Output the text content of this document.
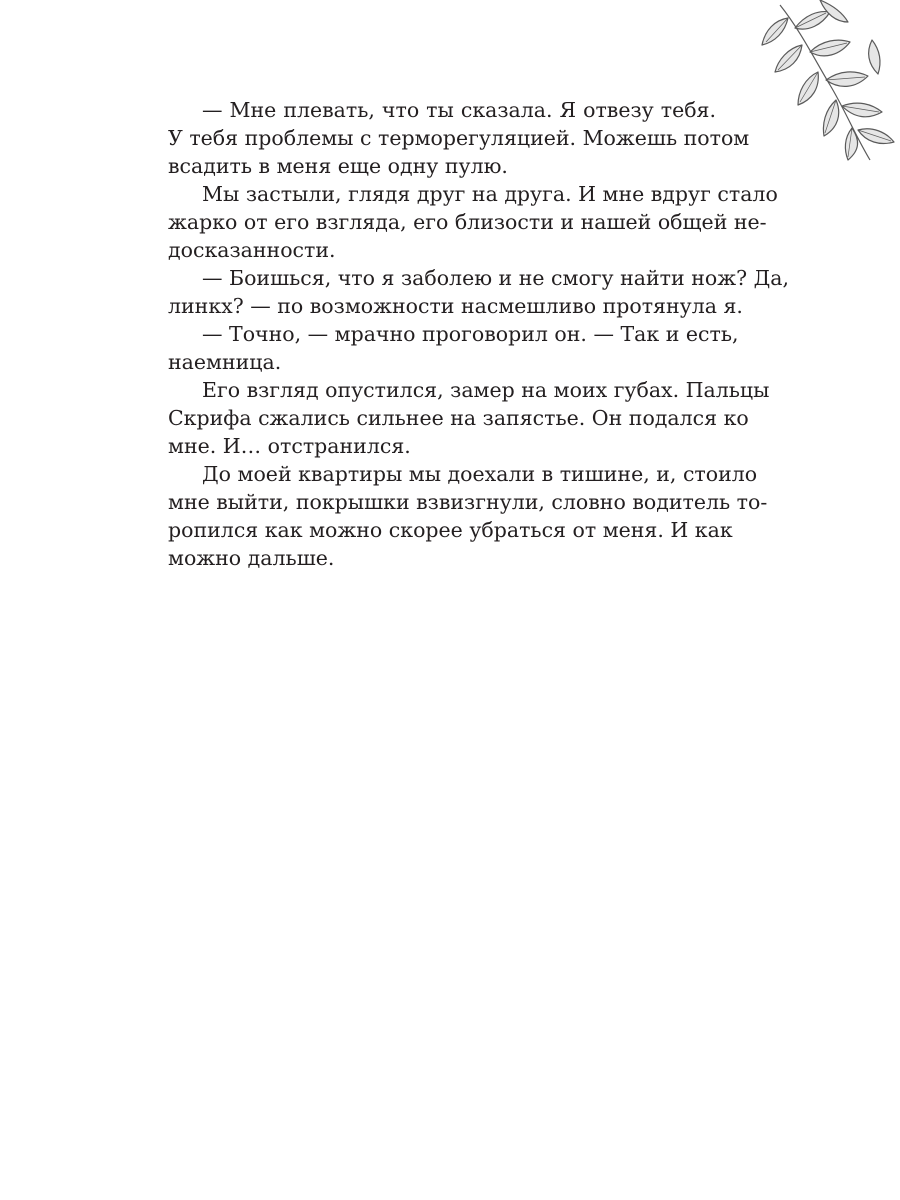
— Мне плевать, что ты сказала. Я отвезу тебя.
У тебя проблемы с терморегуляцией. Можешь потом
всадить в меня еще одну пулю.

Мы застыли, глядя друг на друга. И мне вдруг стало
жарко от его взгляда, его близости и нашей общей не-
досказанности.

— Боишься, что я заболею и не смогу найти нож? Да,
линкх? — по возможности насмешливо протянула я.

— Точно, — мрачно проговорил он. — Так и есть,
наемница.

Его взгляд опустился, замер на моих губах. Пальцы
Скрифа сжались сильнее на запястье. Он подался ко
мне. И… отстранился.

До моей квартиры мы доехали в тишине, и, стоило
мне выйти, покрышки взвизгнули, словно водитель то-
ропился как можно скорее убраться от меня. И как
можно дальше.
